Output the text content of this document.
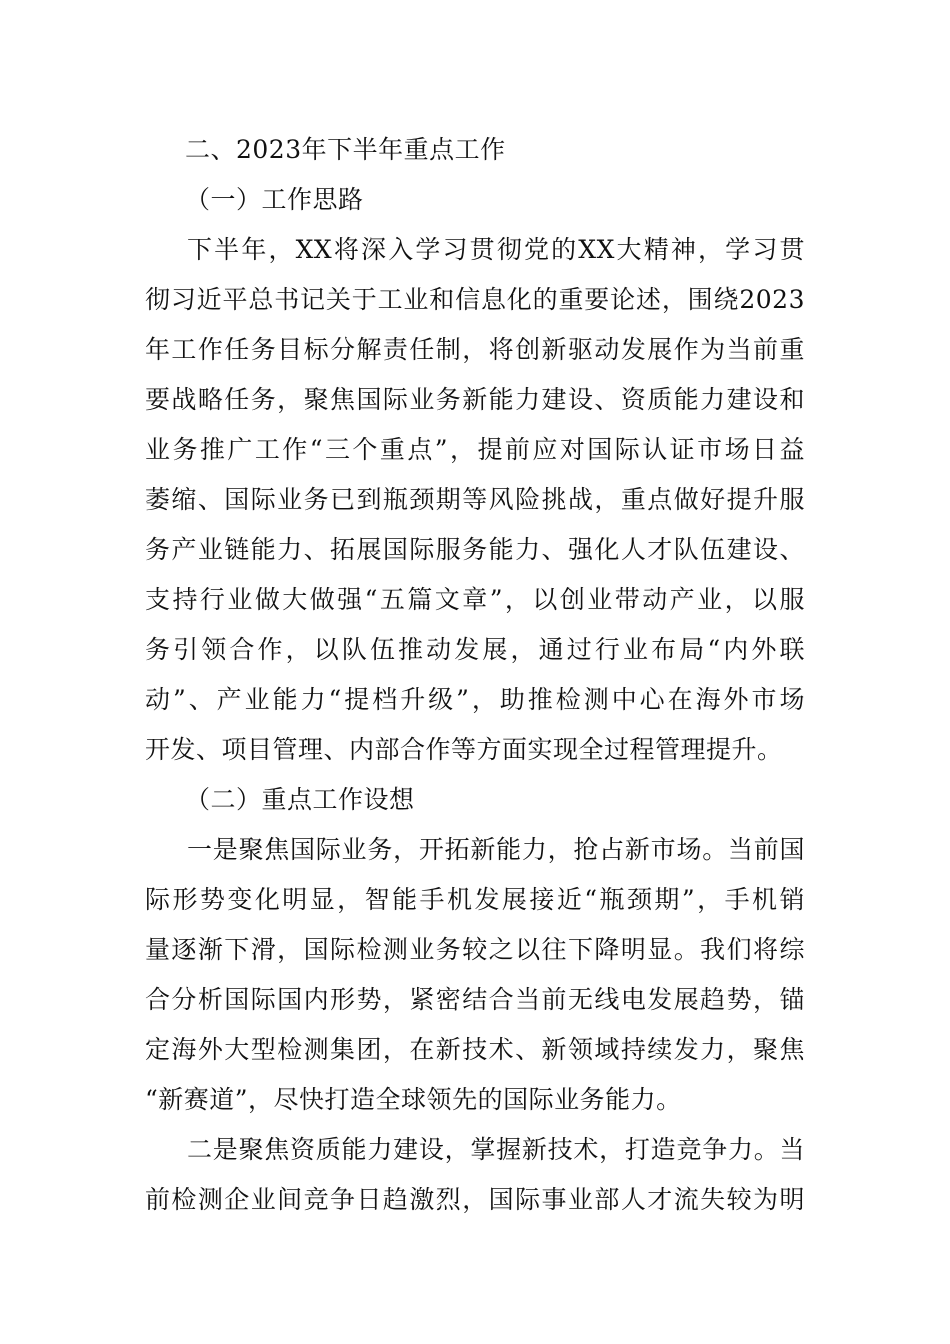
二、2023年下半年重点工作
（一）工作思路
下半年，XX将深入学习贯彻党的XX大精神，学习贯
彻习近平总书记关于工业和信息化的重要论述，围绕2023
年工作任务目标分解责任制，将创新驱动发展作为当前重
要战略任务，聚焦国际业务新能力建设、资质能力建设和
业务推广工作“三个重点”，提前应对国际认证市场日益
萎缩、国际业务已到瓶颈期等风险挑战，重点做好提升服
务产业链能力、拓展国际服务能力、强化人才队伍建设、
支持行业做大做强“五篇文章”，以创业带动产业，以服
务引领合作，以队伍推动发展，通过行业布局“内外联
动”、产业能力“提档升级”，助推检测中心在海外市场
开发、项目管理、内部合作等方面实现全过程管理提升。
（二）重点工作设想
一是聚焦国际业务，开拓新能力，抢占新市场。当前国
际形势变化明显，智能手机发展接近“瓶颈期”，手机销
量逐渐下滑，国际检测业务较之以往下降明显。我们将综
合分析国际国内形势，紧密结合当前无线电发展趋势，锚
定海外大型检测集团，在新技术、新领域持续发力，聚焦
“新赛道”，尽快打造全球领先的国际业务能力。
二是聚焦资质能力建设，掌握新技术，打造竞争力。当
前检测企业间竞争日趋激烈，国际事业部人才流失较为明
